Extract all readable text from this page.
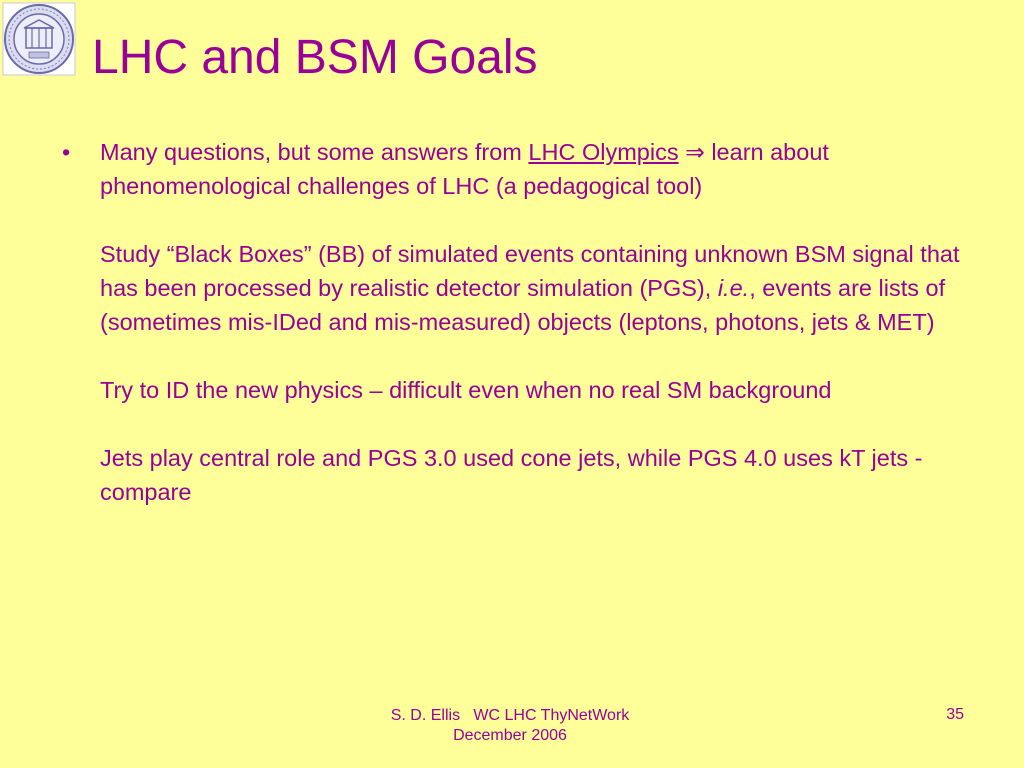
LHC and BSM Goals
• Many questions, but some answers from LHC Olympics ⇒ learn about phenomenological challenges of LHC (a pedagogical tool)
Study “Black Boxes” (BB) of simulated events containing unknown BSM signal that has been processed by realistic detector simulation (PGS), i.e., events are lists of (sometimes mis-IDed and mis-measured) objects (leptons, photons, jets & MET)
Try to ID the new physics – difficult even when no real SM background
Jets play central role and PGS 3.0 used cone jets, while PGS 4.0 uses kT jets - compare
S. D. Ellis   WC LHC ThyNetWork
December 2006
35
